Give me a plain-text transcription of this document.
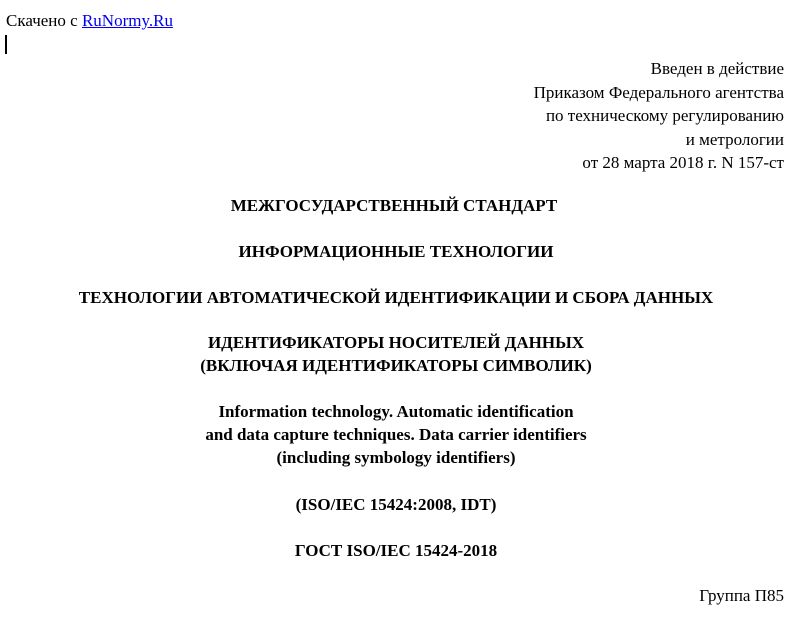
Скачено с RuNormy.Ru
Введен в действие
Приказом Федерального агентства
по техническому регулированию
и метрологии
от 28 марта 2018 г. N 157-ст
МЕЖГОСУДАРСТВЕННЫЙ СТАНДАРТ
ИНФОРМАЦИОННЫЕ ТЕХНОЛОГИИ
ТЕХНОЛОГИИ АВТОМАТИЧЕСКОЙ ИДЕНТИФИКАЦИИ И СБОРА ДАННЫХ
ИДЕНТИФИКАТОРЫ НОСИТЕЛЕЙ ДАННЫХ
(ВКЛЮЧАЯ ИДЕНТИФИКАТОРЫ СИМВОЛИК)
Information technology. Automatic identification
and data capture techniques. Data carrier identifiers
(including symbology identifiers)
(ISO/IEC 15424:2008, IDT)
ГОСТ ISO/IEC 15424-2018
Группа П85
